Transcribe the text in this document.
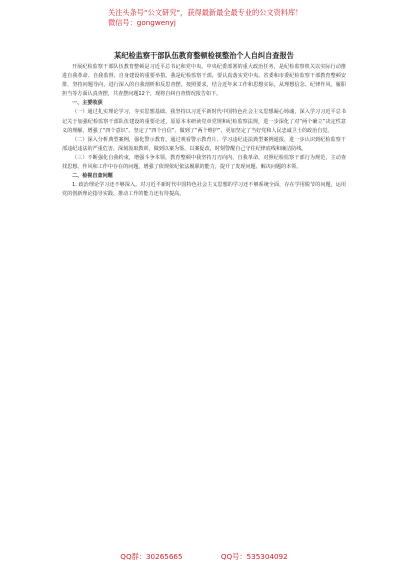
关注头条号“公文研究”，获得最新最全最专业的公文资料库！
微信号：gongwenyj
某纪检监察干部队伍教育整顿检视整治个人自纠自查报告

开展纪检监察干部队伍教育整顿是习近平总书记和党中央、中央纪委部署的重大政治任务，是纪检监察机关以实际行动推进自我革命、自我监督、自身建设的重要举措。我是纪检监察干部，要认真落实党中央、省委和市委纪检监察干部教育整顿安排，坚持问题导向，进行深入的自我剖析和反思查摆。按照要求，结合近年来工作和思想实际，从理想信念、纪律作风、履职担当等方面认真查摆，共查摆问题12个，现将自纠自查情况报告如下。

一、主要收获

（一）通过扎实理论学习，夯实思想基础。我坚持以习近平新时代中国特色社会主义思想凝心铸魂，深入学习习近平总书记关于加强纪检监察干部队伍建设的重要论述，原原本本研读党章党规和纪检监察法规，进一步深化了对“两个确立”决定性意义的理解，增强了“四个意识”、坚定了“四个自信”、做到了“两个维护”，更加坚定了当好党和人民忠诚卫士的政治自觉。

（二）深入分析典型案例，强化警示教育。通过观看警示教育片、学习违纪违法典型案例通报，进一步认识到纪检监察干部违纪违法的严重危害，深刻汲取教训，做到以案为鉴、以案促改，时刻警醒自己守住纪律底线和廉洁防线。

（三）不断强化自我约束，增强斗争本领。教育整顿中我坚持刀刃向内、自我革命，对照纪检监察干部行为规范，主动查找思想、作风和工作中存在的问题，增强了依规依纪依法履职的能力，提升了发现问题、解决问题的本领。

二、检视自查问题

1. 政治理论学习还不够深入。对习近平新时代中国特色社会主义思想的学习还不够系统全面，存在学用脱节的问题，运用党的创新理论指导实践、推动工作的能力还有待提高。

QQ群：30265665	QQ号：535304092
